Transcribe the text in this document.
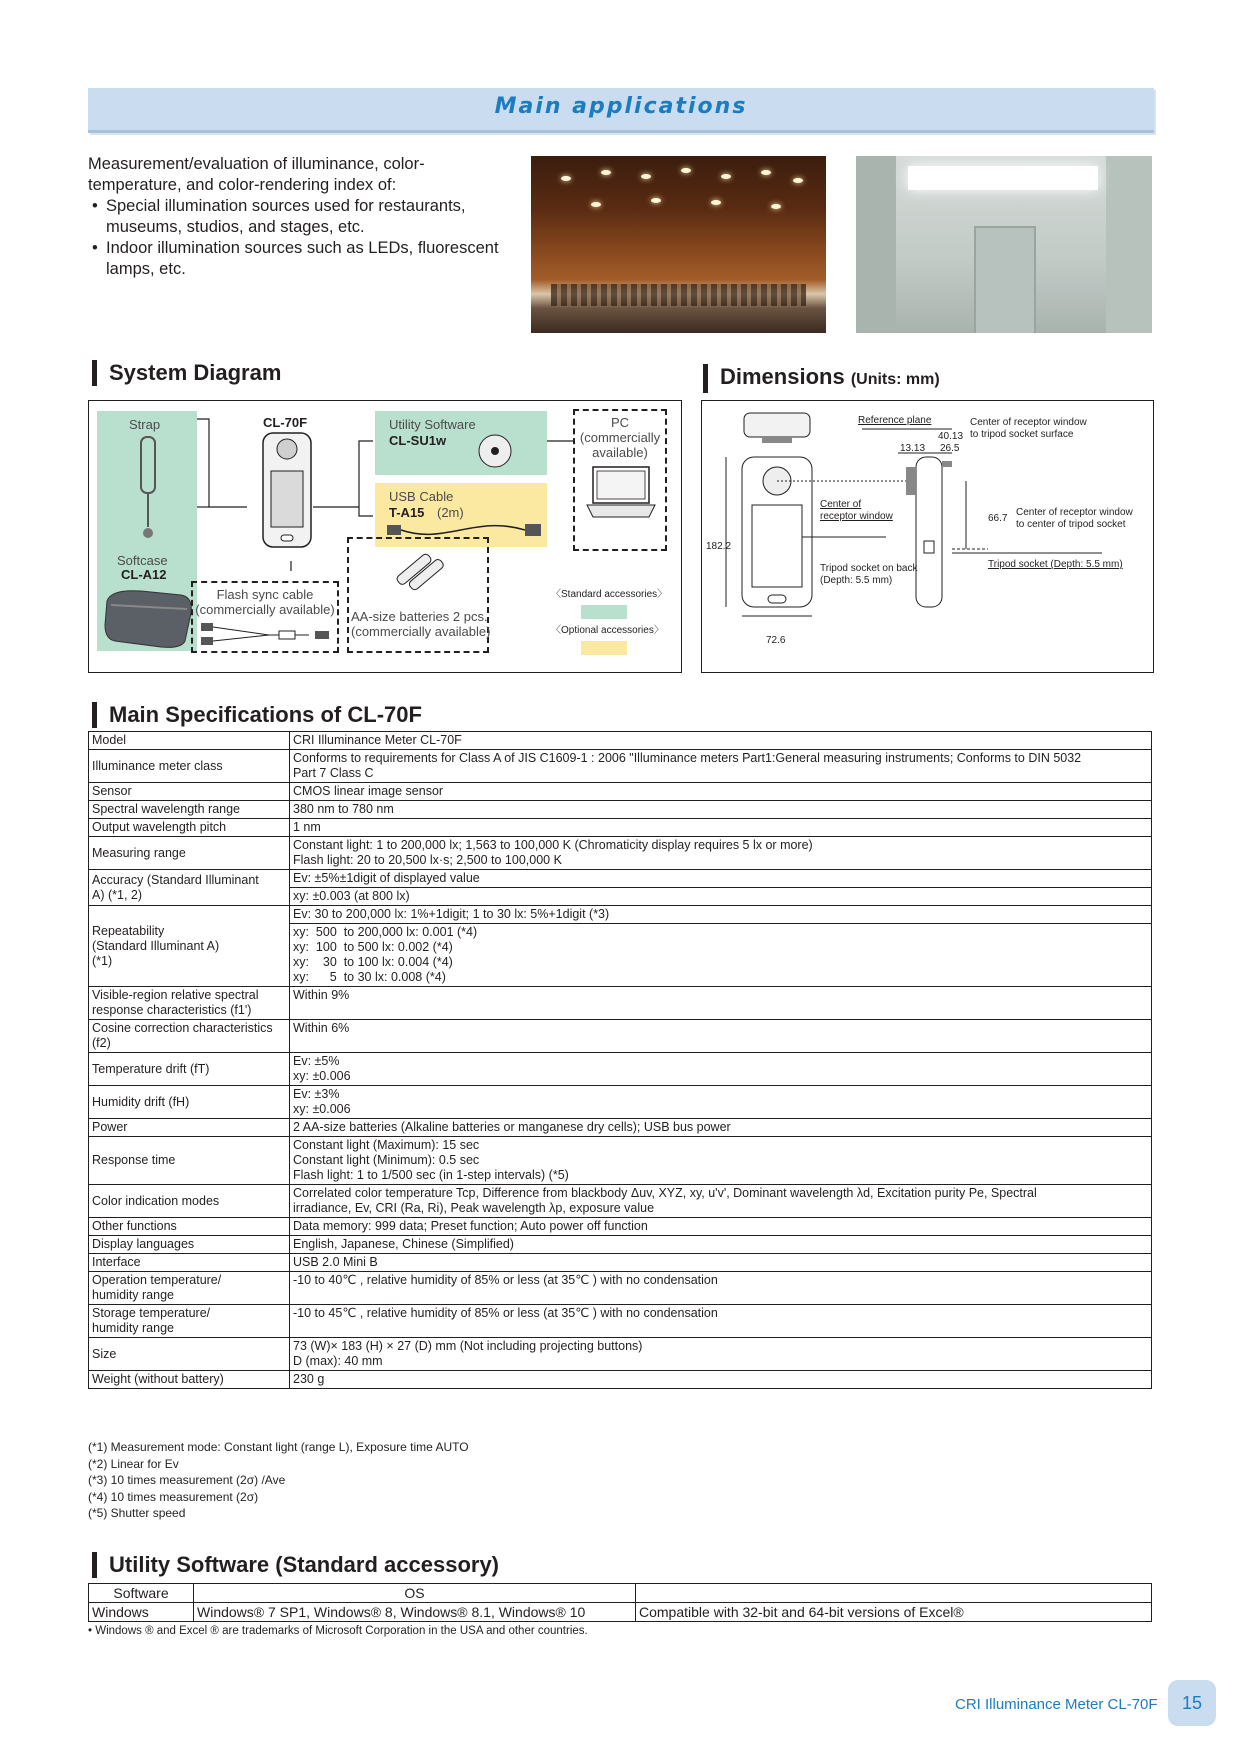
Main applications
Measurement/evaluation of illuminance, color-temperature, and color-rendering index of:
• Special illumination sources used for restaurants, museums, studios, and stages, etc.
• Indoor illumination sources such as LEDs, fluorescent lamps, etc.
System Diagram
Strap
Softcase
CL-A12
CL-70F	Utility Software
CL-SU1w
USB Cable
T-A15 (2m)
PC
(commercially
available)
Flash sync cable
(commercially available) AA-size batteries 2 pcs.
(commercially available)
〈Standard accessories〉
〈Optional accessories〉
Dimensions (Units: mm)
Reference plane	Center of receptor window
to tripod socket surface
40.13
13.13 26.5
Center of
receptor window	66.7
Center of receptor window
to center of tripod socket
182.2
Tripod socket on back
(Depth: 5.5 mm)
Tripod socket (Depth: 5.5 mm)
72.6
Main Specifications of CL-70F
Model	CRI Illuminance Meter CL-70F

Illuminance meter class	Conforms to requirements for Class A of JIS C1609-1 : 2006 "Illuminance meters Part1:General measuring instruments; Conforms to DIN 5032
Part 7 Class C

Sensor	CMOS linear image sensor

Spectral wavelength range	380 nm to 780 nm

Output wavelength pitch	1 nm

Measuring range	Constant light: 1 to 200,000 lx; 1,563 to 100,000 K (Chromaticity display requires 5 lx or more)
Flash light: 20 to 20,500 lx·s; 2,500 to 100,000 K

Accuracy (Standard Illuminant
A) (*1, 2)	Ev: ±5%±1digit of displayed value

	xy: ±0.003 (at 800 lx)

Repeatability
(Standard Illuminant A)
(*1)	Ev: 30 to 200,000 lx: 1%+1digit; 1 to 30 lx: 5%+1digit (*3)

	xy:  500  to 200,000 lx: 0.001 (*4)
xy:  100  to 500 lx: 0.002 (*4)
xy:    30  to 100 lx: 0.004 (*4)
xy:      5  to 30 lx: 0.008 (*4)

Visible-region relative spectral
response characteristics (f1')	Within 9%

Cosine correction characteristics
(f2)	Within 6%

Temperature drift (fT)	Ev: ±5%
xy: ±0.006

Humidity drift (fH)	Ev: ±3%
xy: ±0.006

Power	2 AA-size batteries (Alkaline batteries or manganese dry cells); USB bus power

Response time	Constant light (Maximum): 15 sec
Constant light (Minimum): 0.5 sec
Flash light: 1 to 1/500 sec (in 1-step intervals) (*5)

Color indication modes	Correlated color temperature Tcp, Difference from blackbody Δuv, XYZ, xy, u'v', Dominant wavelength λd, Excitation purity Pe, Spectral
irradiance, Ev, CRI (Ra, Ri), Peak wavelength λp, exposure value

Other functions	Data memory: 999 data; Preset function; Auto power off function

Display languages	English, Japanese, Chinese (Simplified)

Interface	USB 2.0 Mini B

Operation temperature/
humidity range	-10 to 40℃ , relative humidity of 85% or less (at 35℃ ) with no condensation

Storage temperature/
humidity range	-10 to 45℃ , relative humidity of 85% or less (at 35℃ ) with no condensation

Size	73 (W)× 183 (H) × 27 (D) mm (Not including projecting buttons)
D (max): 40 mm

Weight (without battery)	230 g
(*1) Measurement mode: Constant light (range L), Exposure time AUTO
(*2) Linear for Ev
(*3) 10 times measurement (2σ) /Ave
(*4) 10 times measurement (2σ)
(*5) Shutter speed
Utility Software (Standard accessory)
Software	OS	
Windows	Windows® 7 SP1, Windows® 8, Windows® 8.1, Windows® 10	Compatible with 32-bit and 64-bit versions of Excel®
• Windows ® and Excel ® are trademarks of Microsoft Corporation in the USA and other countries.
CRI Illuminance Meter CL-70F	15
